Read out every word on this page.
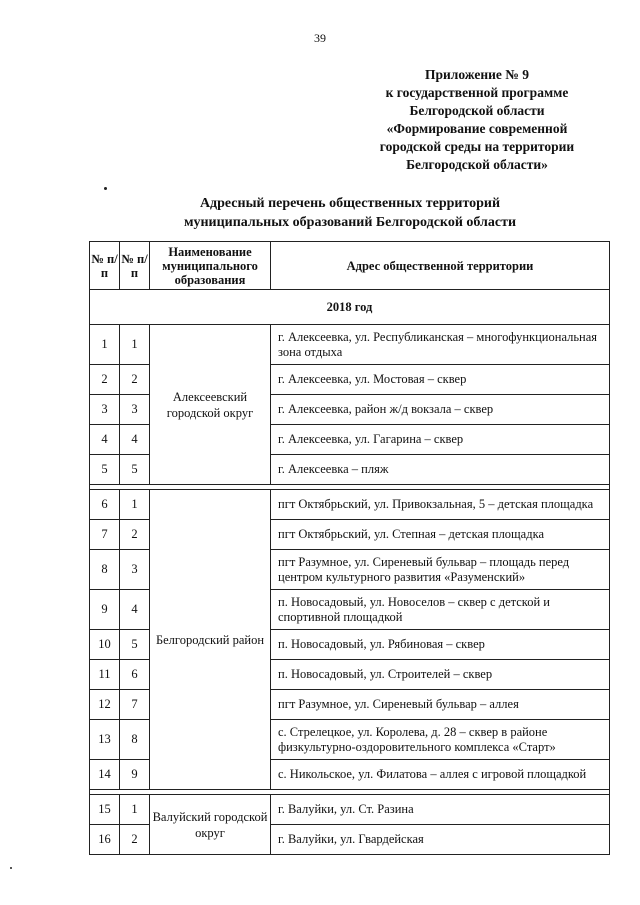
39
Приложение № 9
к государственной программе
Белгородской области
«Формирование современной
городской среды на территории
Белгородской области»
Адресный перечень общественных территорий
муниципальных образований Белгородской области
№ п/п	№ п/п	Наименование муниципального образования	Адрес общественной территории
2018 год			
1	1	Алексеевский городской округ	г. Алексеевка, ул. Республиканская – многофункциональная зона отдыха
2	2		г. Алексеевка, ул. Мостовая – сквер
3	3		г. Алексеевка, район ж/д вокзала – сквер
4	4		г. Алексеевка, ул. Гагарина – сквер
5	5		г. Алексеевка – пляж

6	1	Белгородский район	пгт Октябрьский, ул. Привокзальная, 5 – детская площадка
7	2		пгт Октябрьский, ул. Степная – детская площадка
8	3		пгт Разумное, ул. Сиреневый бульвар – площадь перед центром культурного развития «Разуменский»
9	4		п. Новосадовый, ул. Новоселов – сквер с детской и спортивной площадкой
10	5		п. Новосадовый, ул. Рябиновая – сквер
11	6		п. Новосадовый, ул. Строителей – сквер
12	7		пгт Разумное, ул. Сиреневый бульвар – аллея
13	8		с. Стрелецкое, ул. Королева, д. 28 – сквер в районе физкультурно-оздоровительного комплекса «Старт»
14	9		с. Никольское, ул. Филатова – аллея с игровой площадкой

15	1	Валуйский городской округ	г. Валуйки, ул. Ст. Разина
16	2		г. Валуйки, ул. Гвардейская
